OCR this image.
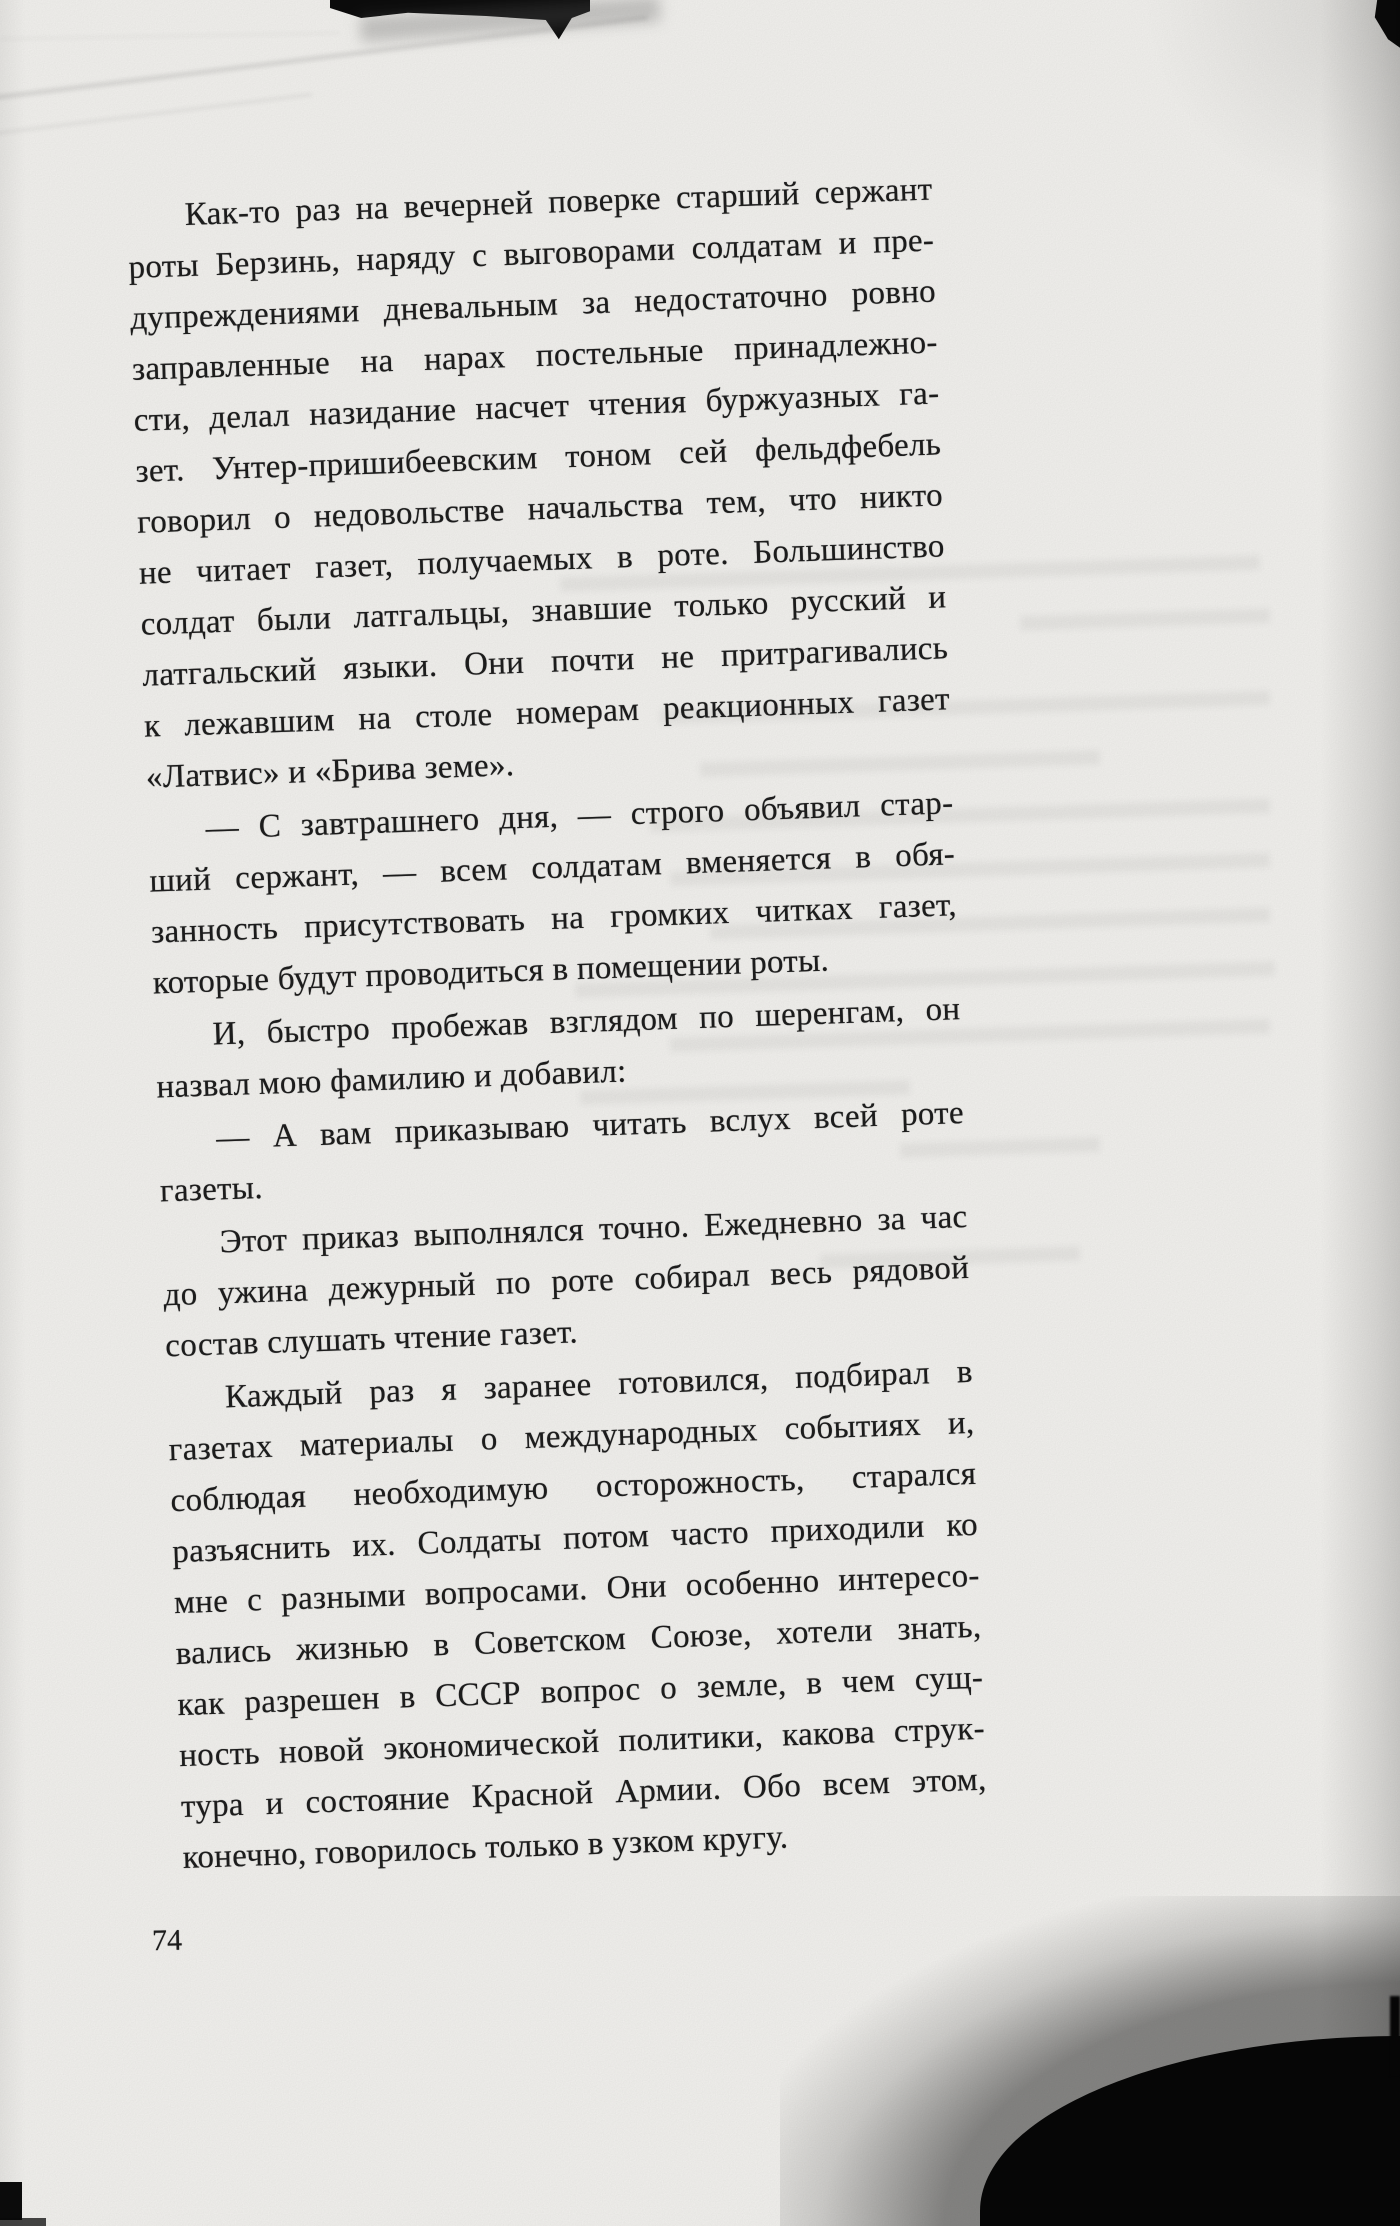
Как-то раз на вечерней поверке старший сержант
роты Берзинь, наряду с выговорами солдатам и пре-
дупреждениями дневальным за недостаточно ровно
заправленные на нарах постельные принадлежно-
сти, делал назидание насчет чтения буржуазных га-
зет. Унтер-пришибеевским тоном сей фельдфебель
говорил о недовольстве начальства тем, что никто
не читает газет, получаемых в роте. Большинство
солдат были латгальцы, знавшие только русский и
латгальский языки. Они почти не притрагивались
к лежавшим на столе номерам реакционных газет
«Латвис» и «Брива земе».
— С завтрашнего дня, — строго объявил стар-
ший сержант, — всем солдатам вменяется в обя-
занность присутствовать на громких читках газет,
которые будут проводиться в помещении роты.
И, быстро пробежав взглядом по шеренгам, он
назвал мою фамилию и добавил:
— А вам приказываю читать вслух всей роте
газеты.
Этот приказ выполнялся точно. Ежедневно за час
до ужина дежурный по роте собирал весь рядовой
состав слушать чтение газет.
Каждый раз я заранее готовился, подбирал в
газетах материалы о международных событиях и,
соблюдая необходимую осторожность, старался
разъяснить их. Солдаты потом часто приходили ко
мне с разными вопросами. Они особенно интересо-
вались жизнью в Советском Союзе, хотели знать,
как разрешен в СССР вопрос о земле, в чем сущ-
ность новой экономической политики, какова струк-
тура и состояние Красной Армии. Обо всем этом,
конечно, говорилось только в узком кругу.
74
